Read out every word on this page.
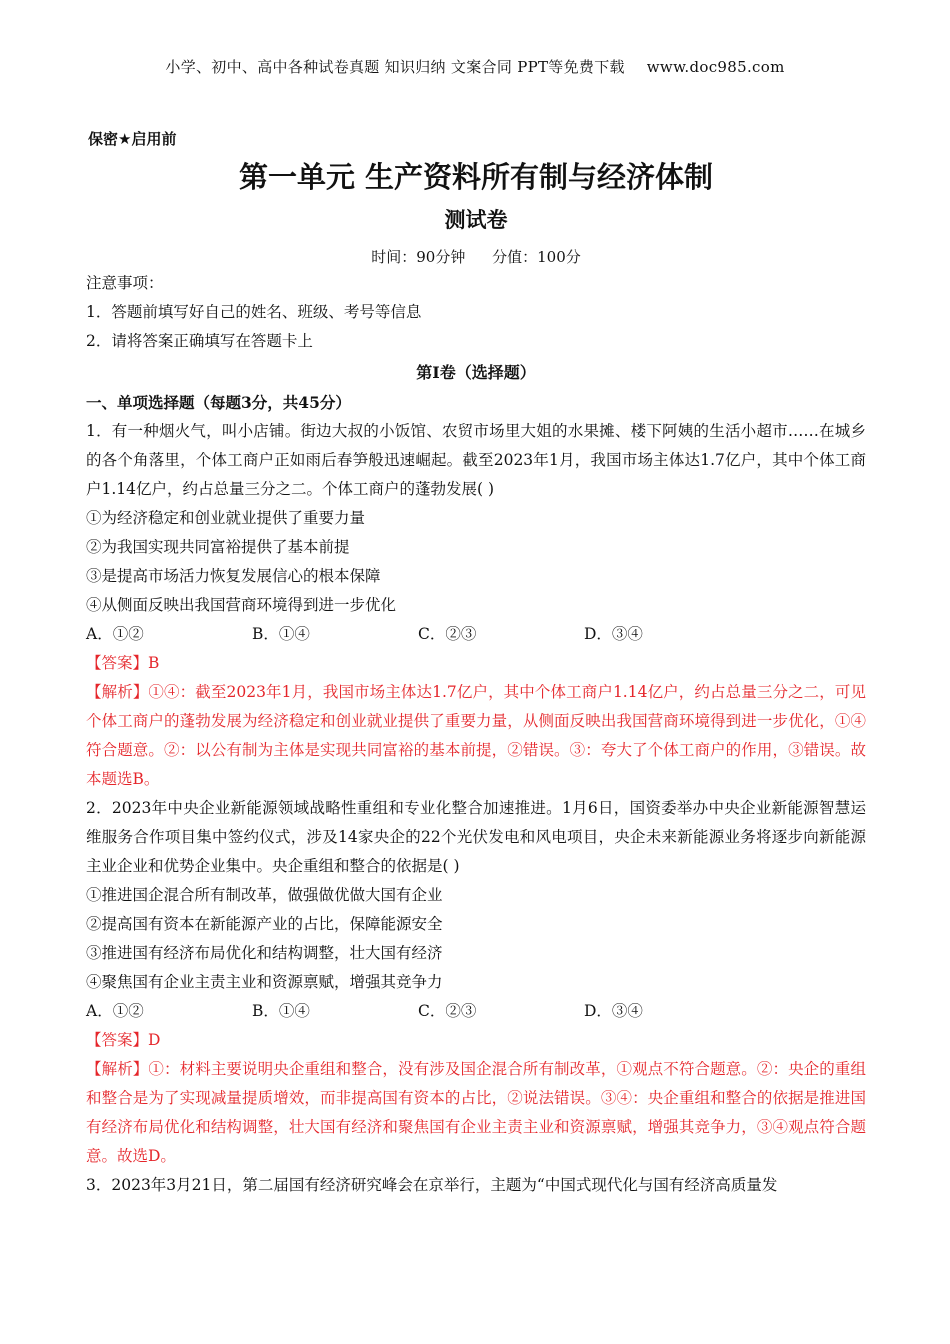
小学、初中、高中各种试卷真题 知识归纳 文案合同 PPT等免费下载 www.doc985.com
保密★启用前
第一单元 生产资料所有制与经济体制
测试卷
时间：90分钟 分值：100分
注意事项：
1．答题前填写好自己的姓名、班级、考号等信息
2．请将答案正确填写在答题卡上
第I卷（选择题）
一、单项选择题（每题3分，共45分）

1．有一种烟火气，叫小店铺。街边大叔的小饭馆、农贸市场里大姐的水果摊、楼下阿姨的生活小超市……在城乡的各个角落里，个体工商户正如雨后春笋般迅速崛起。截至2023年1月，我国市场主体达1.7亿户，其中个体工商户1.14亿户，约占总量三分之二。个体工商户的蓬勃发展( )

①为经济稳定和创业就业提供了重要力量
②为我国实现共同富裕提供了基本前提
③是提高市场活力恢复发展信心的根本保障
④从侧面反映出我国营商环境得到进一步优化
A．①②	B．①④	C．②③	D．③④

【答案】B

【解析】①④：截至2023年1月，我国市场主体达1.7亿户，其中个体工商户1.14亿户，约占总量三分之二，可见个体工商户的蓬勃发展为经济稳定和创业就业提供了重要力量，从侧面反映出我国营商环境得到进一步优化，①④符合题意。②：以公有制为主体是实现共同富裕的基本前提，②错误。③：夸大了个体工商户的作用，③错误。故本题选B。

2．2023年中央企业新能源领域战略性重组和专业化整合加速推进。1月6日，国资委举办中央企业新能源智慧运维服务合作项目集中签约仪式，涉及14家央企的22个光伏发电和风电项目，央企未来新能源业务将逐步向新能源主业企业和优势企业集中。央企重组和整合的依据是( )

①推进国企混合所有制改革，做强做优做大国有企业
②提高国有资本在新能源产业的占比，保障能源安全
③推进国有经济布局优化和结构调整，壮大国有经济
④聚焦国有企业主责主业和资源禀赋，增强其竞争力
A．①②	B．①④	C．②③	D．③④

【答案】D

【解析】①：材料主要说明央企重组和整合，没有涉及国企混合所有制改革，①观点不符合题意。②：央企的重组和整合是为了实现减量提质增效，而非提高国有资本的占比，②说法错误。③④：央企重组和整合的依据是推进国有经济布局优化和结构调整，壮大国有经济和聚焦国有企业主责主业和资源禀赋，增强其竞争力，③④观点符合题意。故选D。

3．2023年3月21日，第二届国有经济研究峰会在京举行，主题为“中国式现代化与国有经济高质量发
